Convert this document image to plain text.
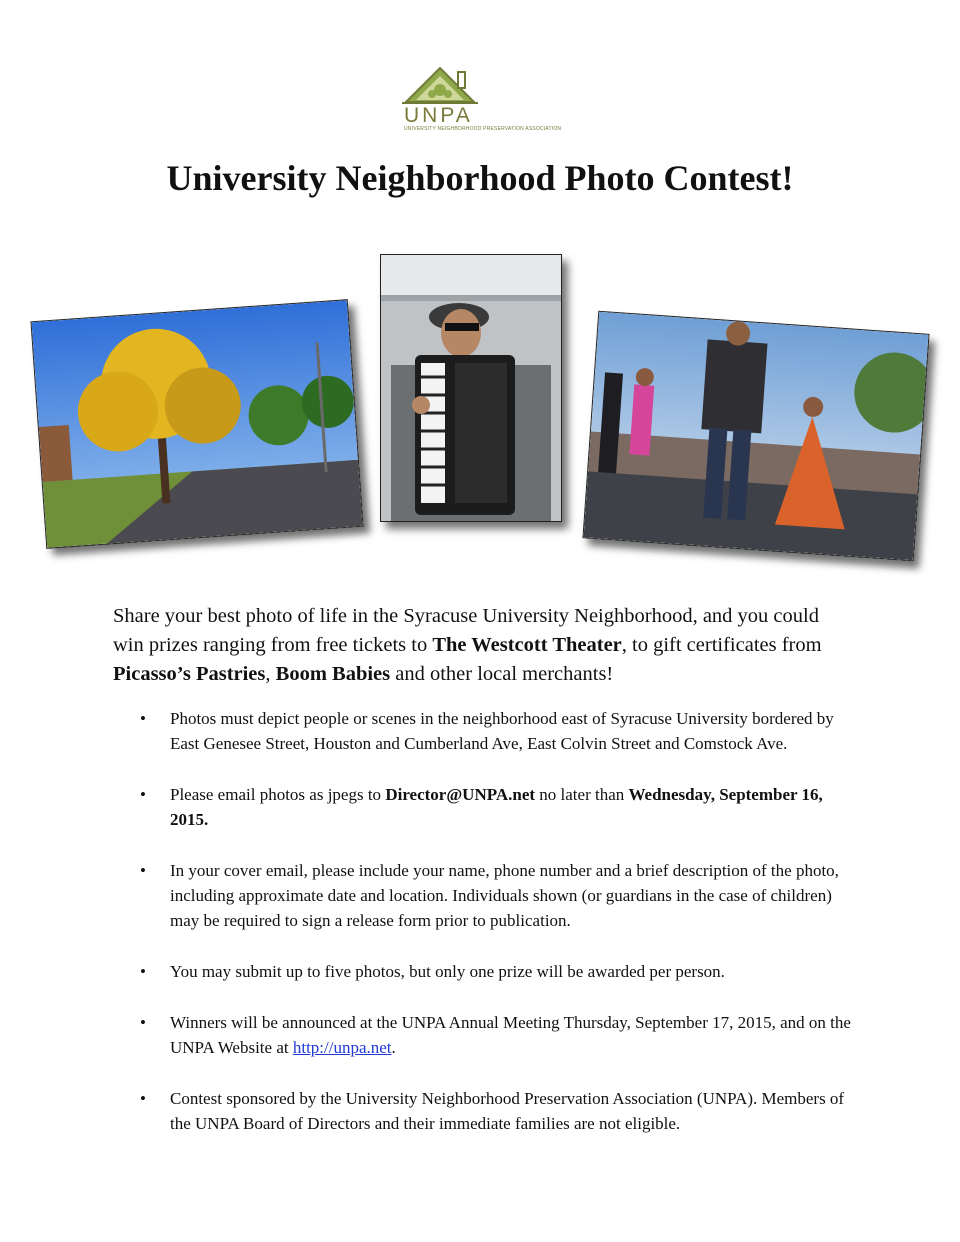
UNPA
UNIVERSITY NEIGHBORHOOD PRESERVATION ASSOCIATION
University Neighborhood Photo Contest!

Share your best photo of life in the Syracuse University Neighborhood, and you could win prizes ranging from free tickets to The Westcott Theater, to gift certificates from Picasso’s Pastries, Boom Babies and other local merchants!

• Photos must depict people or scenes in the neighborhood east of Syracuse University bordered by East Genesee Street, Houston and Cumberland Ave, East Colvin Street and Comstock Ave.
• Please email photos as jpegs to Director@UNPA.net no later than Wednesday, September 16, 2015.
• In your cover email, please include your name, phone number and a brief description of the photo, including approximate date and location. Individuals shown (or guardians in the case of children) may be required to sign a release form prior to publication.
• You may submit up to five photos, but only one prize will be awarded per person.
• Winners will be announced at the UNPA Annual Meeting Thursday, September 17, 2015, and on the UNPA Website at http://unpa.net.
• Contest sponsored by the University Neighborhood Preservation Association (UNPA). Members of the UNPA Board of Directors and their immediate families are not eligible.
